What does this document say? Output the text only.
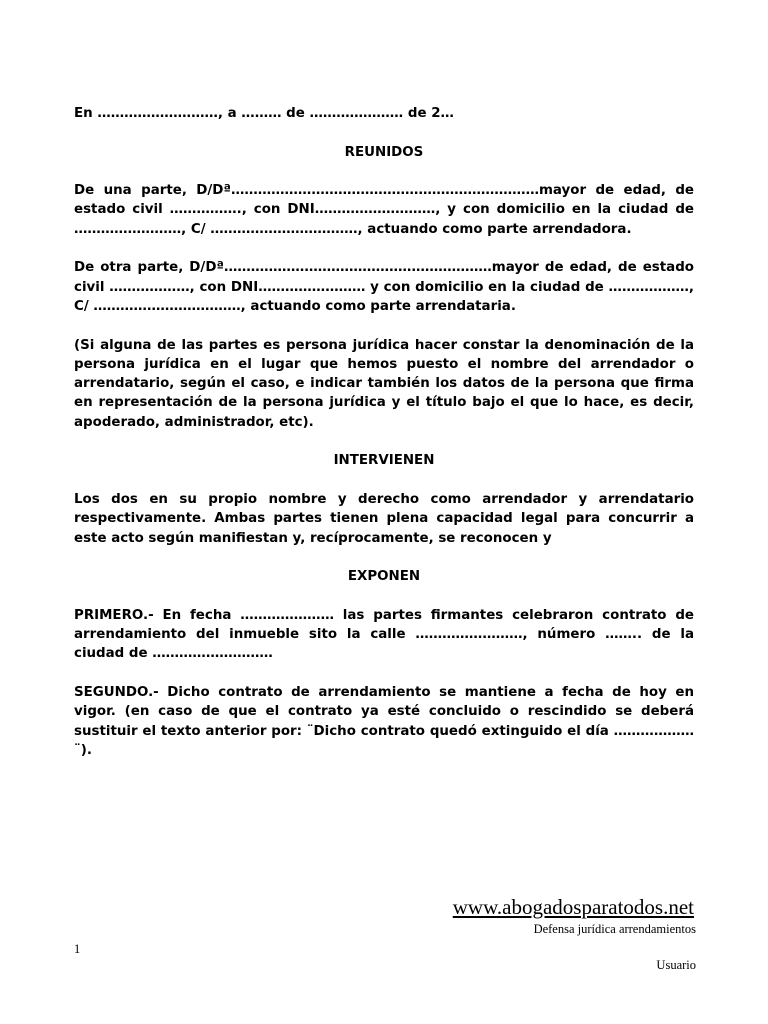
En ………………………, a ……… de ………………… de 2…

REUNIDOS

De una parte, D/Dª……………………………………………………………mayor de edad, de estado civil ……………., con DNI………………………, y con domicilio en la ciudad de ……………………, C/ ……………………………, actuando como parte arrendadora.

De otra parte, D/Dª……………………………………………………mayor de edad, de estado civil ………………, con DNI…………………… y con domicilio en la ciudad de ………………, C/ ……………………………, actuando como parte arrendataria.

(Si alguna de las partes es persona jurídica hacer constar la denominación de la persona jurídica en el lugar que hemos puesto el nombre del arrendador o arrendatario, según el caso, e indicar también los datos de la persona que firma en representación de la persona jurídica y el título bajo el que lo hace, es decir, apoderado, administrador, etc).

INTERVIENEN

Los dos en su propio nombre y derecho como arrendador y arrendatario respectivamente. Ambas partes tienen plena capacidad legal para concurrir a este acto según manifiestan y, recíprocamente, se reconocen y

EXPONEN

PRIMERO.- En fecha ………………… las partes firmantes celebraron contrato de arrendamiento del inmueble sito la calle ……………………, número …….. de la ciudad de ………………………

SEGUNDO.- Dicho contrato de arrendamiento se mantiene a fecha de hoy en vigor. (en caso de que el contrato ya esté concluido o rescindido se deberá sustituir el texto anterior por: ¨Dicho contrato quedó extinguido el día ………………¨).

www.abogadosparatodos.net
Defensa jurídica arrendamientos
1
Usuario
